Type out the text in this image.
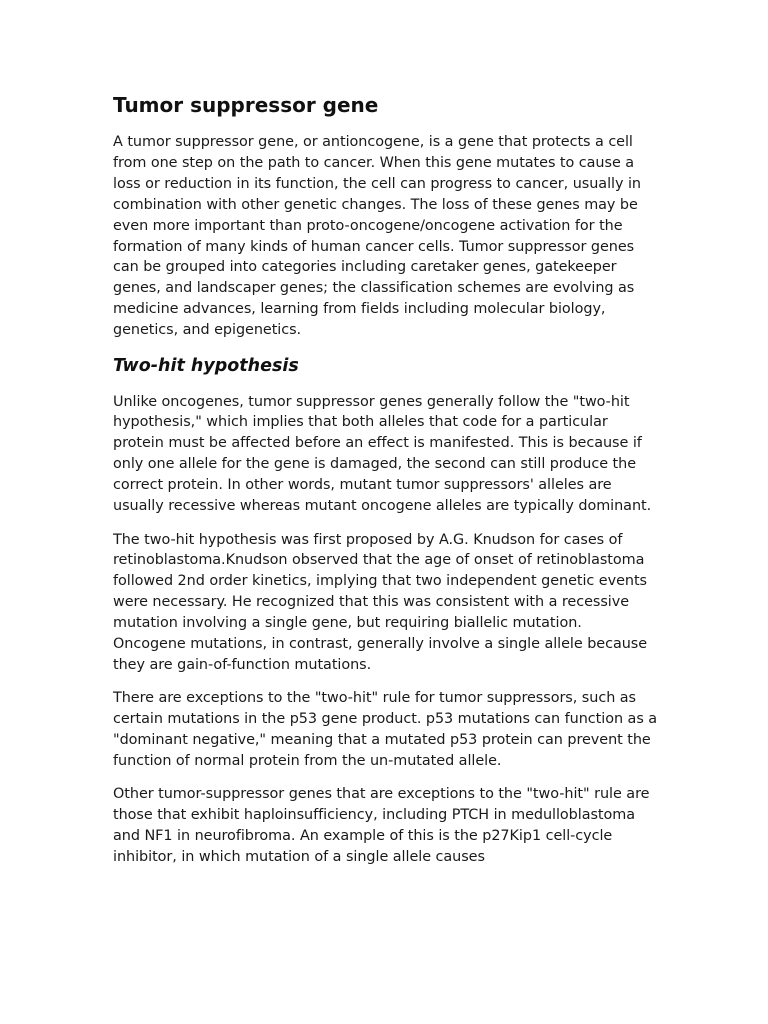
Tumor suppressor gene

A tumor suppressor gene, or antioncogene, is a gene that protects a cell from one step on the path to cancer. When this gene mutates to cause a loss or reduction in its function, the cell can progress to cancer, usually in combination with other genetic changes. The loss of these genes may be even more important than proto-oncogene/oncogene activation for the formation of many kinds of human cancer cells. Tumor suppressor genes can be grouped into categories including caretaker genes, gatekeeper genes, and landscaper genes; the classification schemes are evolving as medicine advances, learning from fields including molecular biology, genetics, and epigenetics.

Two-hit hypothesis

Unlike oncogenes, tumor suppressor genes generally follow the "two-hit hypothesis," which implies that both alleles that code for a particular protein must be affected before an effect is manifested. This is because if only one allele for the gene is damaged, the second can still produce the correct protein. In other words, mutant tumor suppressors' alleles are usually recessive whereas mutant oncogene alleles are typically dominant.

The two-hit hypothesis was first proposed by A.G. Knudson for cases of retinoblastoma.Knudson observed that the age of onset of retinoblastoma followed 2nd order kinetics, implying that two independent genetic events were necessary. He recognized that this was consistent with a recessive mutation involving a single gene, but requiring biallelic mutation. Oncogene mutations, in contrast, generally involve a single allele because they are gain-of-function mutations.

There are exceptions to the "two-hit" rule for tumor suppressors, such as certain mutations in the p53 gene product. p53 mutations can function as a "dominant negative," meaning that a mutated p53 protein can prevent the function of normal protein from the un-mutated allele.

Other tumor-suppressor genes that are exceptions to the "two-hit" rule are those that exhibit haploinsufficiency, including PTCH in medulloblastoma and NF1 in neurofibroma. An example of this is the p27Kip1 cell-cycle inhibitor, in which mutation of a single allele causes
